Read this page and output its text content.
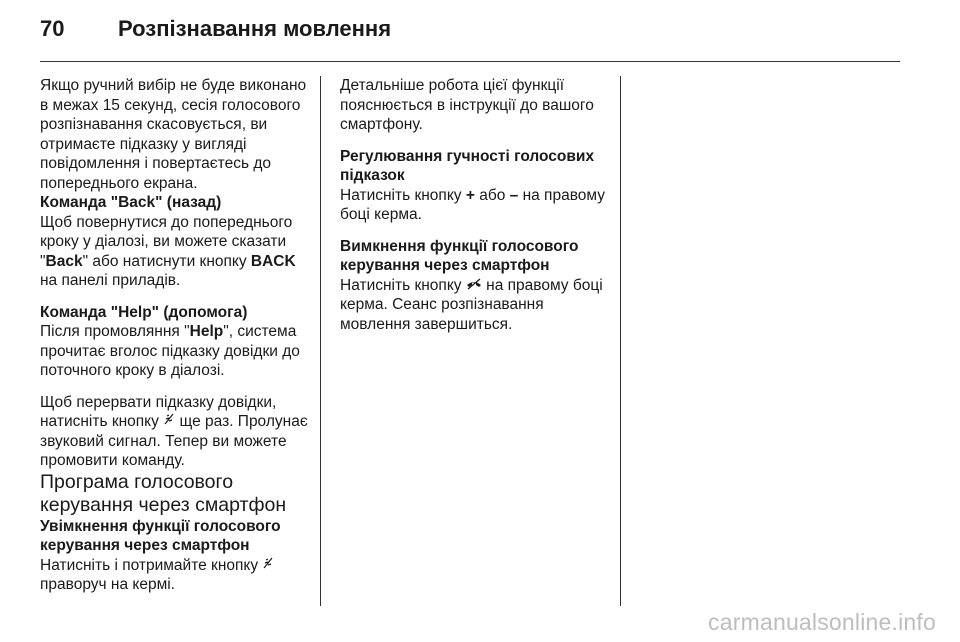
70 Розпізнавання мовлення

Якщо ручний вибір не буде виконано в межах 15 секунд, сесія голосового розпізнавання скасовується, ви отримаєте підказку у вигляді повідомлення і повертаєтесь до попереднього екрана.

Команда "Back" (назад)

Щоб повернутися до попереднього кроку у діалозі, ви можете сказати "Back" або натиснути кнопку BACK на панелі приладів.

Команда "Help" (допомога)

Після промовляння "Help", система прочитає вголос підказку довідки до поточного кроку в діалозі.

Щоб перервати підказку довідки, натисніть кнопку  ще раз. Пролунає звуковий сигнал. Тепер ви можете промовити команду.

Програма голосового керування через смартфон

Увімкнення функції голосового керування через смартфон

Натисніть і потримайте кнопку  праворуч на кермі.

Детальніше робота цієї функції пояснюється в інструкції до вашого смартфону.

Регулювання гучності голосових підказок

Натисніть кнопку + або – на правому боці керма.

Вимкнення функції голосового керування через смартфон

Натисніть кнопку  на правому боці керма. Сеанс розпізнавання мовлення завершиться.

carmanualsonline.info
